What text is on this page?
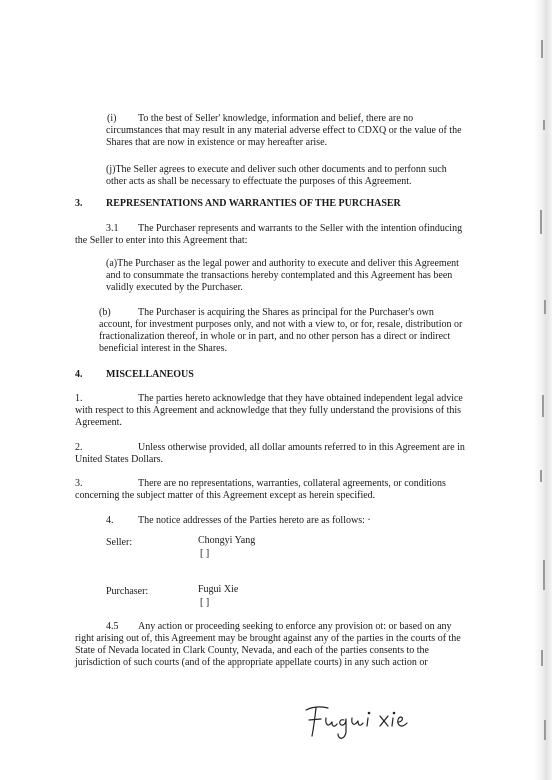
(i) To the best of Seller' knowledge, information and belief, there are no
circumstances that may result in any material adverse effect to CDXQ or the value of the
Shares that are now in existence or may hereafter arise.
(j)The Seller agrees to execute and deliver such other documents and to perfonn such
other acts as shall be necessary to effectuate the purposes of this Agreement.
3. REPRESENTATIONS AND WARRANTIES OF THE PURCHASER
3.1 The Purchaser represents and warrants to the Seller with the intention ofinducing
the Seller to enter into this Agreement that:
(a)The Purchaser as the legal power and authority to execute and deliver this Agreement
and to consummate the transactions hereby contemplated and this Agreement has been
validly executed by the Purchaser.
(b)	The Purchaser is acquiring the Shares as principal for the Purchaser's own
account, for investment purposes only, and not with a view to, or for, resale, distribution or
fractionalization thereof, in whole or in part, and no other person has a direct or indirect
beneficial interest in the Shares.
4. MISCELLANEOUS
1.	The parties hereto acknowledge that they have obtained independent legal advice
with respect to this Agreement and acknowledge that they fully understand the provisions of this
Agreement.
2.	Unless otherwise provided, all dollar amounts referred to in this Agreement are in
United States Dollars.
3.	There are no representations, warranties, collateral agreements, or conditions
concerning the subject matter of this Agreement except as herein specified.
4. The notice addresses of the Parties hereto are as follows: ·
Seller:	Chongyi Yang
[ ]
Purchaser:	Fugui Xie
[ ]
4.5 Any action or proceeding seeking to enforce any provision ot: or based on any
right arising out of, this Agreement may be brought against any of the parties in the courts of the
State of Nevada located in Clark County, Nevada, and each of the parties consents to the
jurisdiction of such courts (and of the appropriate appellate courts) in any such action or
